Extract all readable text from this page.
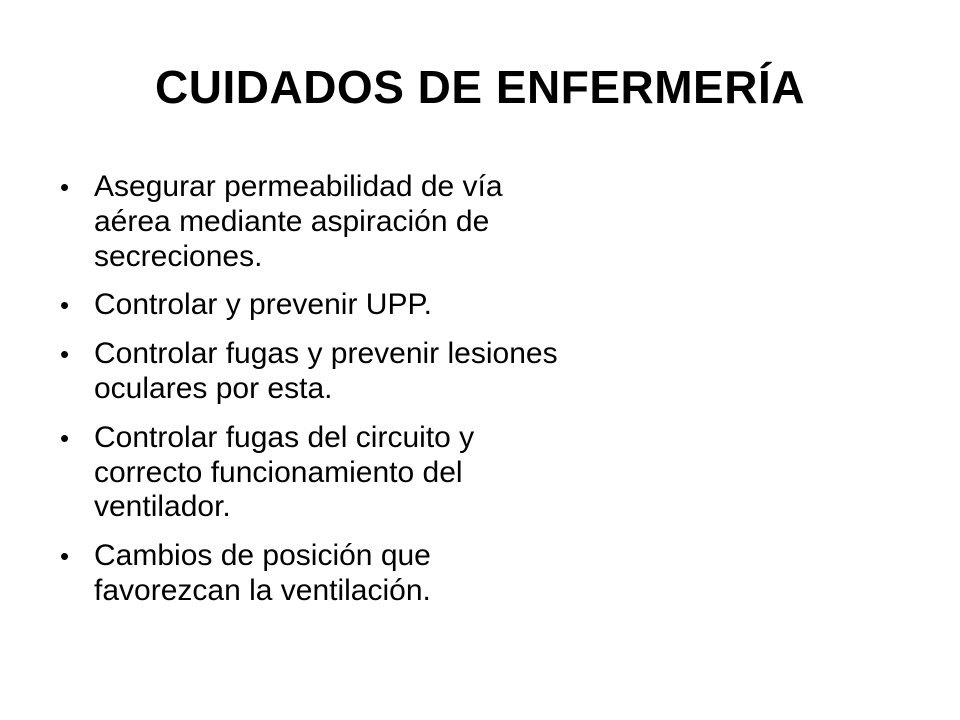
CUIDADOS DE ENFERMERÍA
• Asegurar permeabilidad de vía aérea mediante aspiración de secreciones.
• Controlar y prevenir UPP.
• Controlar fugas y prevenir lesiones oculares por esta.
• Controlar fugas del circuito y correcto funcionamiento del ventilador.
• Cambios de posición que favorezcan la ventilación.
